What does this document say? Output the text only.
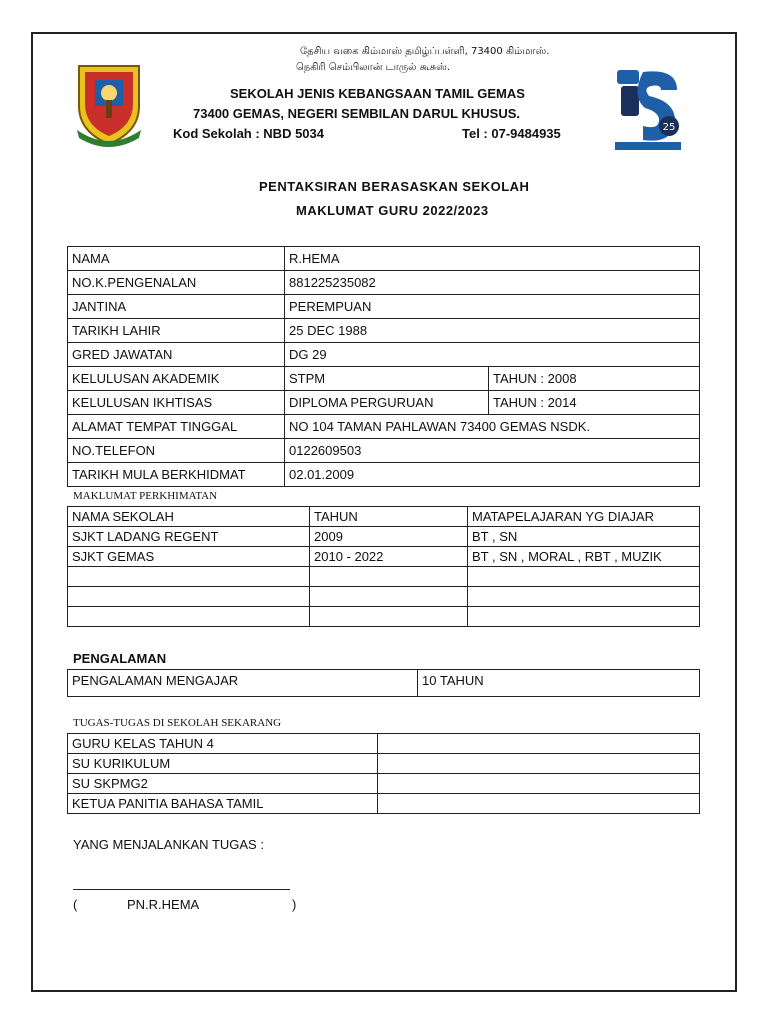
25
தேசிய வகை கிம்மாஸ் தமிழ்ப்பள்ளி, 73400 கிம்மாஸ்.
நெகிரி செம்பிலான் டாருல் கூசுஸ்.
SEKOLAH JENIS KEBANGSAAN TAMIL GEMAS
73400 GEMAS, NEGERI SEMBILAN DARUL KHUSUS.
Kod Sekolah : NBD 5034	Tel : 07-9484935
PENTAKSIRAN BERASASKAN SEKOLAH
MAKLUMAT GURU 2022/2023
NAMA	R.HEMA	
NO.K.PENGENALAN	881225235082	
JANTINA	PEREMPUAN	
TARIKH LAHIR	25 DEC 1988	
GRED JAWATAN	DG 29	
KELULUSAN AKADEMIK	STPM	TAHUN : 2008
KELULUSAN IKHTISAS	DIPLOMA PERGURUAN	TAHUN : 2014
ALAMAT TEMPAT TINGGAL	NO 104 TAMAN PAHLAWAN 73400 GEMAS NSDK.	
NO.TELEFON	0122609503	
TARIKH MULA BERKHIDMAT	02.01.2009	
MAKLUMAT PERKHIMATAN
NAMA SEKOLAH	TAHUN	MATAPELAJARAN YG DIAJAR
SJKT LADANG REGENT	2009	BT , SN
SJKT GEMAS	2010 - 2022	BT , SN , MORAL , RBT , MUZIK

PENGALAMAN
PENGALAMAN MENGAJAR	10 TAHUN
TUGAS-TUGAS DI SEKOLAH SEKARANG
GURU KELAS TAHUN 4	
SU KURIKULUM	
SU SKPMG2	
KETUA PANITIA BAHASA TAMIL	
YANG MENJALANKAN TUGAS :
(	PN.R.HEMA	)
